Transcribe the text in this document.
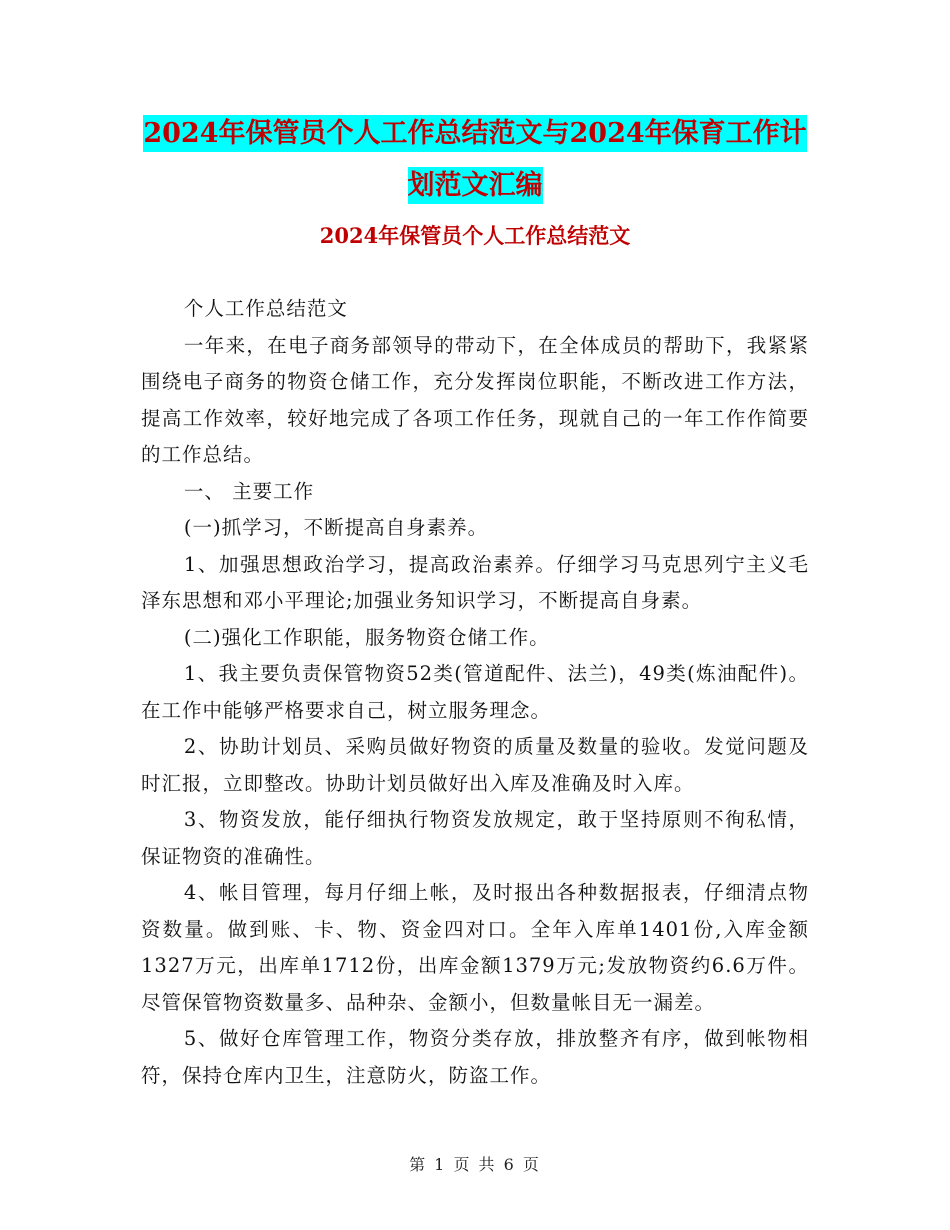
2024年保管员个人工作总结范文与2024年保育工作计
划范文汇编
2024年保管员个人工作总结范文

个人工作总结范文

一年来，在电子商务部领导的带动下，在全体成员的帮助下，我紧紧围绕电子商务的物资仓储工作，充分发挥岗位职能，不断改进工作方法，提高工作效率，较好地完成了各项工作任务，现就自己的一年工作作简要的工作总结。

一、 主要工作

(一)抓学习，不断提高自身素养。

1、加强思想政治学习，提高政治素养。仔细学习马克思列宁主义毛泽东思想和邓小平理论;加强业务知识学习，不断提高自身素。

(二)强化工作职能，服务物资仓储工作。

1、我主要负责保管物资52类(管道配件、法兰)，49类(炼油配件)。在工作中能够严格要求自己，树立服务理念。

2、协助计划员、采购员做好物资的质量及数量的验收。发觉问题及时汇报，立即整改。协助计划员做好出入库及准确及时入库。

3、物资发放，能仔细执行物资发放规定，敢于坚持原则不徇私情，保证物资的准确性。

4、帐目管理，每月仔细上帐，及时报出各种数据报表，仔细清点物资数量。做到账、卡、物、资金四对口。全年入库单1401份,入库金额1327万元，出库单1712份，出库金额1379万元;发放物资约6.6万件。尽管保管物资数量多、品种杂、金额小，但数量帐目无一漏差。

5、做好仓库管理工作，物资分类存放，排放整齐有序，做到帐物相符，保持仓库内卫生，注意防火，防盗工作。

第 1 页 共 6 页
